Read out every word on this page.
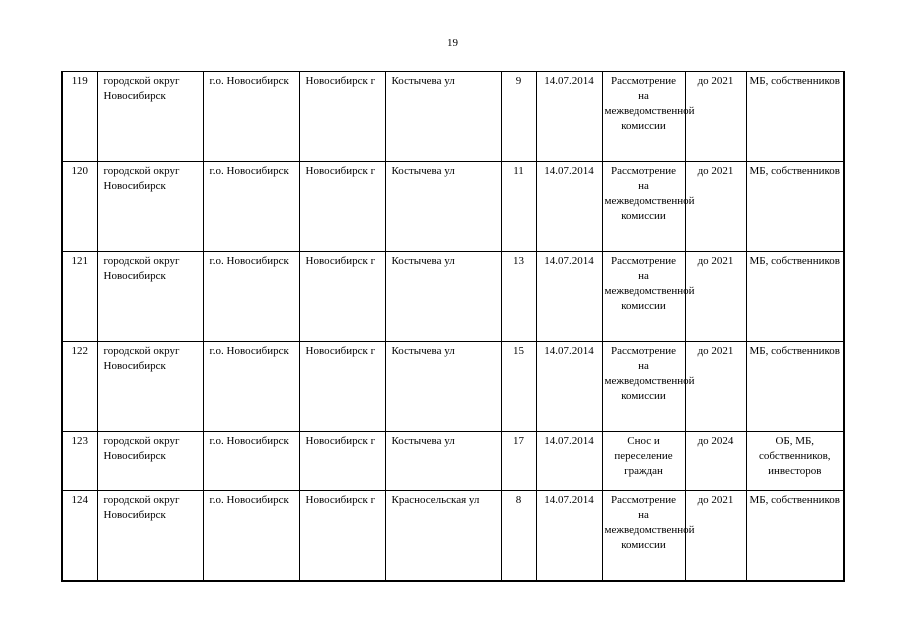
19
119	городской округ Новосибирск	г.о. Новосибирск	Новосибирск г	Костычева ул	9	14.07.2014	Рассмотрение на межведомственной комиссии	до 2021	МБ, собственников
120	городской округ Новосибирск	г.о. Новосибирск	Новосибирск г	Костычева ул	11	14.07.2014	Рассмотрение на межведомственной комиссии	до 2021	МБ, собственников
121	городской округ Новосибирск	г.о. Новосибирск	Новосибирск г	Костычева ул	13	14.07.2014	Рассмотрение на межведомственной комиссии	до 2021	МБ, собственников
122	городской округ Новосибирск	г.о. Новосибирск	Новосибирск г	Костычева ул	15	14.07.2014	Рассмотрение на межведомственной комиссии	до 2021	МБ, собственников
123	городской округ Новосибирск	г.о. Новосибирск	Новосибирск г	Костычева ул	17	14.07.2014	Снос и переселение граждан	до 2024	ОБ, МБ, собственников, инвесторов
124	городской округ Новосибирск	г.о. Новосибирск	Новосибирск г	Красносельская ул	8	14.07.2014	Рассмотрение на межведомственной комиссии	до 2021	МБ, собственников
